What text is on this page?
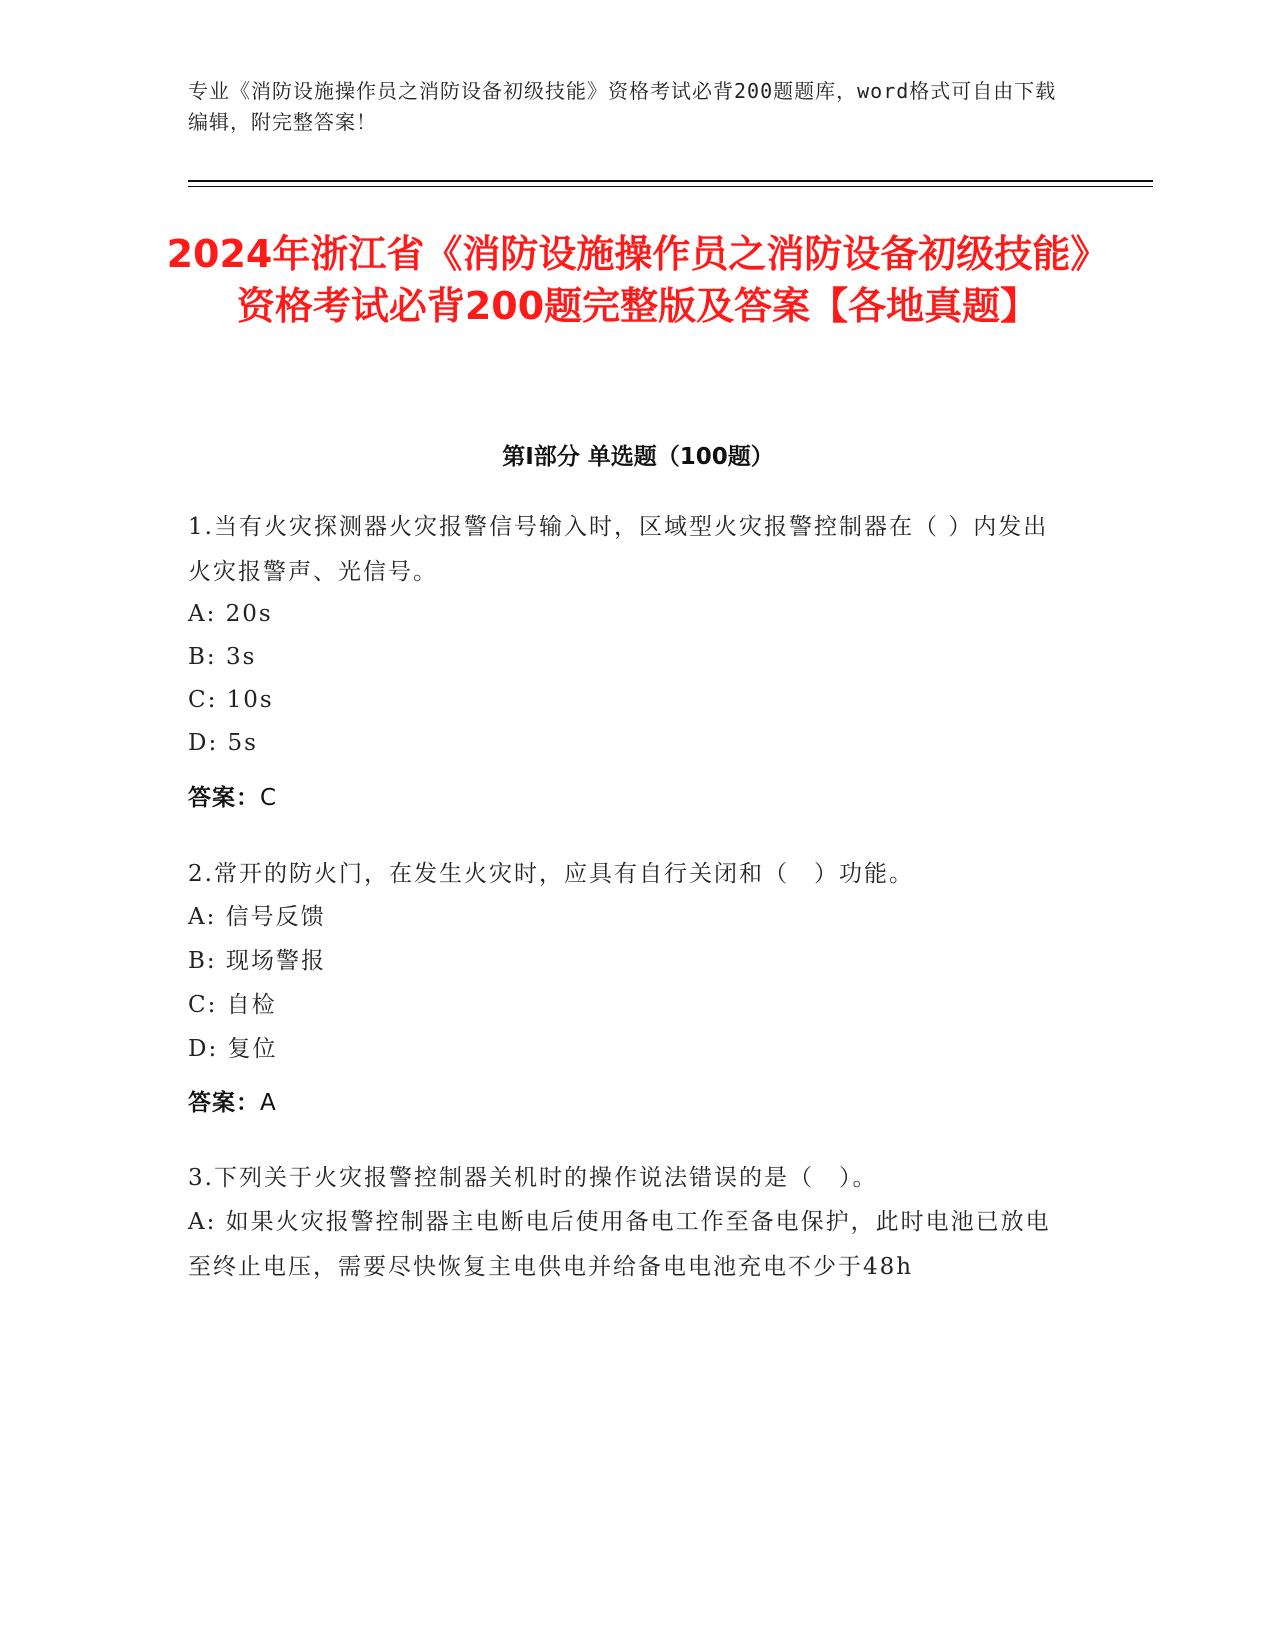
专业《消防设施操作员之消防设备初级技能》资格考试必背200题题库，word格式可自由下载编辑，附完整答案！
2024年浙江省《消防设施操作员之消防设备初级技能》资格考试必背200题完整版及答案【各地真题】
第I部分 单选题（100题）
1.当有火灾探测器火灾报警信号输入时，区域型火灾报警控制器在（ ）内发出火灾报警声、光信号。
A: 20s
B: 3s
C: 10s
D: 5s
答案：C
2.常开的防火门，在发生火灾时，应具有自行关闭和（　）功能。
A: 信号反馈
B: 现场警报
C: 自检
D: 复位
答案：A
3.下列关于火灾报警控制器关机时的操作说法错误的是（　）。
A: 如果火灾报警控制器主电断电后使用备电工作至备电保护，此时电池已放电至终止电压，需要尽快恢复主电供电并给备电电池充电不少于48h
